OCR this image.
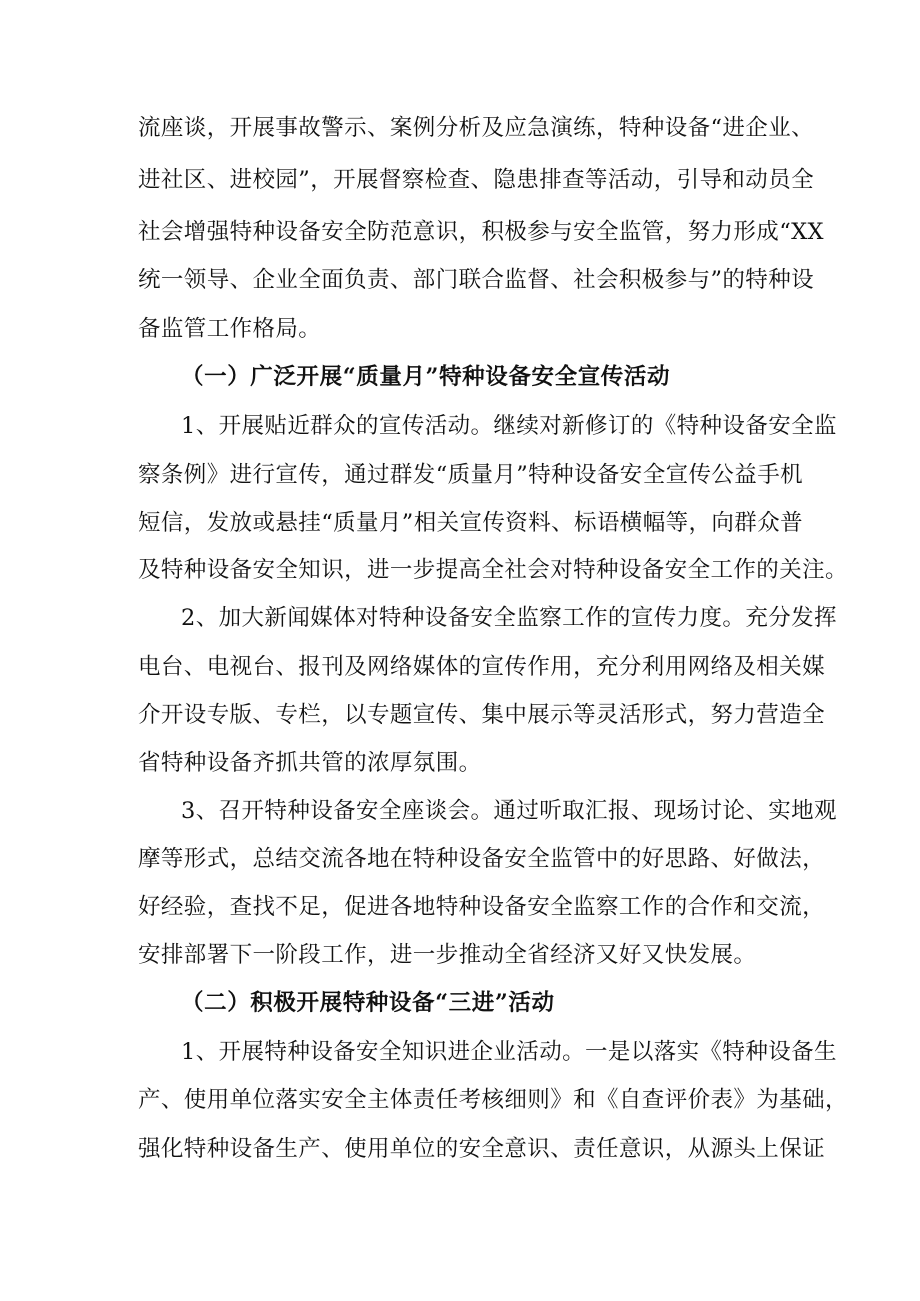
流座谈，开展事故警示、案例分析及应急演练，特种设备“进企业、
进社区、进校园”，开展督察检查、隐患排查等活动，引导和动员全
社会增强特种设备安全防范意识，积极参与安全监管，努力形成“XX
统一领导、企业全面负责、部门联合监督、社会积极参与”的特种设
备监管工作格局。
（一）广泛开展“质量月”特种设备安全宣传活动
1、开展贴近群众的宣传活动。继续对新修订的《特种设备安全监
察条例》进行宣传，通过群发“质量月”特种设备安全宣传公益手机
短信，发放或悬挂“质量月”相关宣传资料、标语横幅等，向群众普
及特种设备安全知识，进一步提高全社会对特种设备安全工作的关注。
2、加大新闻媒体对特种设备安全监察工作的宣传力度。充分发挥
电台、电视台、报刊及网络媒体的宣传作用，充分利用网络及相关媒
介开设专版、专栏，以专题宣传、集中展示等灵活形式，努力营造全
省特种设备齐抓共管的浓厚氛围。
3、召开特种设备安全座谈会。通过听取汇报、现场讨论、实地观
摩等形式，总结交流各地在特种设备安全监管中的好思路、好做法，
好经验，查找不足，促进各地特种设备安全监察工作的合作和交流，
安排部署下一阶段工作，进一步推动全省经济又好又快发展。
（二）积极开展特种设备“三进”活动
1、开展特种设备安全知识进企业活动。一是以落实《特种设备生
产、使用单位落实安全主体责任考核细则》和《自查评价表》为基础，
强化特种设备生产、使用单位的安全意识、责任意识，从源头上保证
